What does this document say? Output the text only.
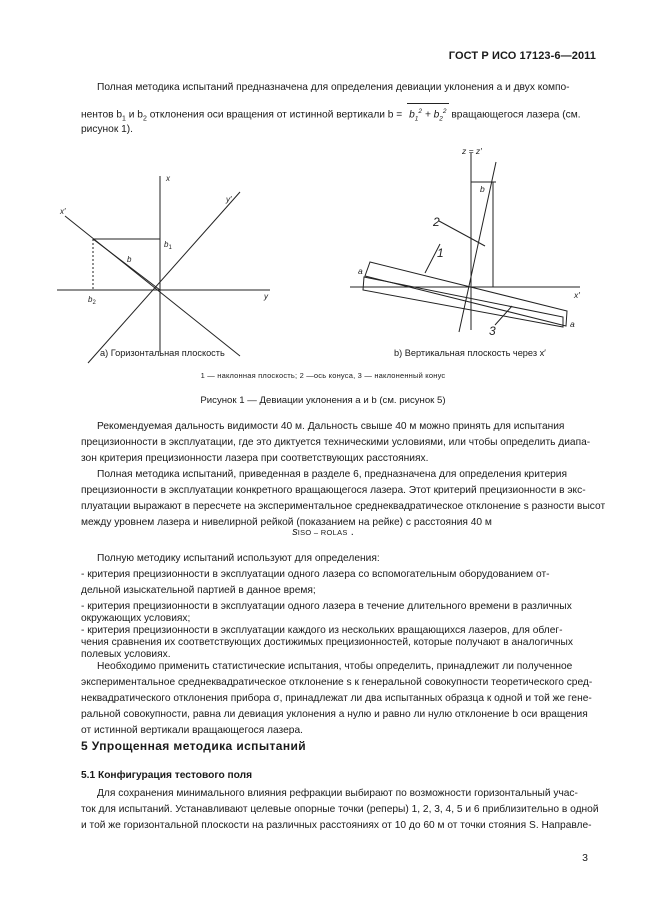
ГОСТ Р ИСО 17123-6—2011
Полная методика испытаний предназначена для определения девиации уклонения a и двух компо-
нентов $b_1$ и $b_2$ отклонения оси вращения от истинной вертикали $b = b_1^2 + b_2^2$ вращающегося лазера (см.
рисунок 1).
x
y
y′
x′
b
$b_1$
$b_2$
z = z′
b
2
1
3
a
a
x′
а) Горизонтальная плоскость	b) Вертикальная плоскость через x′
1 — наклонная плоскость; 2 —ось конуса, 3 — наклоненный конус
Рисунок 1 — Девиации уклонения a и b (см. рисунок 5)
Рекомендуемая дальность видимости 40 м. Дальность свыше 40 м можно принять для испытания
прецизионности в эксплуатации, где это диктуется техническими условиями, или чтобы определить диапа-
зон критерия прецизионности лазера при соответствующих расстояниях.
Полная методика испытаний, приведенная в разделе 6, предназначена для определения критерия
прецизионности в эксплуатации конкретного вращающегося лазера. Этот критерий прецизионности в экс-
плуатации выражают в пересчете на экспериментальное среднеквадратическое отклонение s разности высот
между уровнем лазера и нивелирной рейкой (показанием на рейке) с расстояния 40 м
sISO – ROLAS .
Полную методику испытаний используют для определения:
- критерия прецизионности в эксплуатации одного лазера со вспомогательным оборудованием от-
дельной изыскательной партией в данное время;
- критерия прецизионности в эксплуатации одного лазера в течение длительного времени в различных
окружающих условиях;
- критерия прецизионности в эксплуатации каждого из нескольких вращающихся лазеров, для облег-
чения сравнения их соответствующих достижимых прецизионностей, которые получают в аналогичных
полевых условиях.
Необходимо применить статистические испытания, чтобы определить, принадлежит ли полученное
экспериментальное среднеквадратическое отклонение s к генеральной совокупности теоретического сред-
неквадратического отклонения прибора σ, принадлежат ли два испытанных образца к одной и той же гене-
ральной совокупности, равна ли девиация уклонения a нулю и равно ли нулю отклонение b оси вращения
5 Упрощенная методика испытаний
5.1 Конфигурация тестового поля
Для сохранения минимального влияния рефракции выбирают по возможности горизонтальный учас-
ток для испытаний. Устанавливают целевые опорные точки (реперы) 1, 2, 3, 4, 5 и 6 приблизительно в одной
и той же горизонтальной плоскости на различных расстояниях от 10 до 60 м от точки стояния S. Направле-
3
от истинной вертикали вращающегося лазера.
